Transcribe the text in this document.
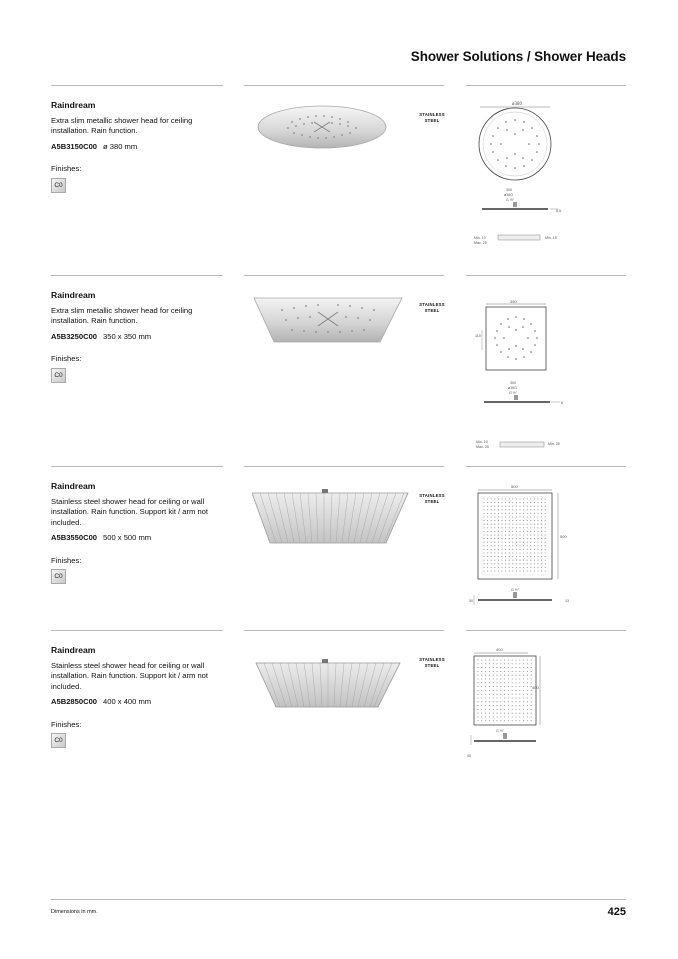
Shower Solutions / Shower Heads
Raindream
Extra slim metallic shower head for ceiling installation. Rain function.
A5B3150C00 ø 380 mm
Finishes:
C0
STAINLESS
STEEL
ø380
300
ø16G
G ½"
8,5
Min. 10
Max. 25
Min. 15
Raindream
Extra slim metallic shower head for ceiling installation. Rain function.
A5B3250C00 350 x 350 mm
Finishes:
C0
STAINLESS
STEEL
350
110
300
ø16G
G ½"
8
Max. 25
Min. 10	Min. 35
Raindream
Stainless steel shower head for ceiling or wall installation. Rain function. Support kit / arm not included.
A5B3550C00 500 x 500 mm
Finishes:
C0
STAINLESS
STEEL
500
500
G ½"
50	13
Raindream
Stainless steel shower head for ceiling or wall installation. Rain function. Support kit / arm not included.
A5B2850C00 400 x 400 mm
Finishes:
C0
STAINLESS
STEEL
400
400
G ½"
40
Dimensions in mm.	425
